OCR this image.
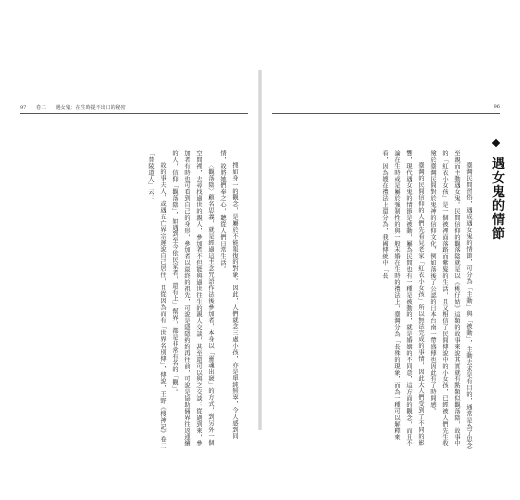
97 卷二 遇女鬼：在生時提不出口的秘密

搜如身一的觀念，是屬於不能報復的對象。因此，人們就念三處小孩，亦是單純無辜，令人感到同情，故將她們奉之心，聽從人們日常生活。

〈觀落陰〉顧名思義，就是經過這主念咒語作法後參加者，本身以「靈魂出竅」的方式，到另外一個空間裡，去尋找過世的親人，參加者不但能與過世往生的親人交談，甚至還可以與之交談：從過到來，參加者有時也可看到自己的身形，參加者以最終的祖先，可說是隱隱約約再往前，可說是協助倆界往返連續的人，信仰「觀落陰」，如遇到至今依民家者，還有上」幫界，都是非常有名的「觀」。

故的事夫人，或遇五亡界宗遲說自己居住，且從因為而有「世界名別傳」，傳說，王野《搜神記》卷二「普陵道人」云：

96
遇女鬼的情節

臺灣民間習俗，遇成遇女鬼的情節，可分為「主動」與「被動」，主動去求是有目的，通常是為了思念至親而主動遇女鬼。民間信仰的觀落陰就是以《桃仔姑》這類的故事來說其實就有點類似觀落陰，故事中的「紅衣小女孩」是一個被裡面落路而紫髮的生活，且又相信了民間傳說中的小女孩，已經被人們先生收殮於臺灣民間對於鬼神的信仰文化，例如落後了公認的日本台南一帶盛傳也因此有了時間感。

臺灣的民間信仰的人們先看見老家「紅衣小女孩」所以無法完成的事情，因此大人們受到了不同的影響，現代遇女鬼的情節是被動，屬為民間也有一種是被動的，就是婚姻的不同意，這方面的觀念，而且不論在生時或是屬於強制性的與一般未婚在生時的禮法上，臺灣分為「長殊的現象，而為一種可以解釋來看，因為嫂在禮法上還分為，我國傳統中「長
